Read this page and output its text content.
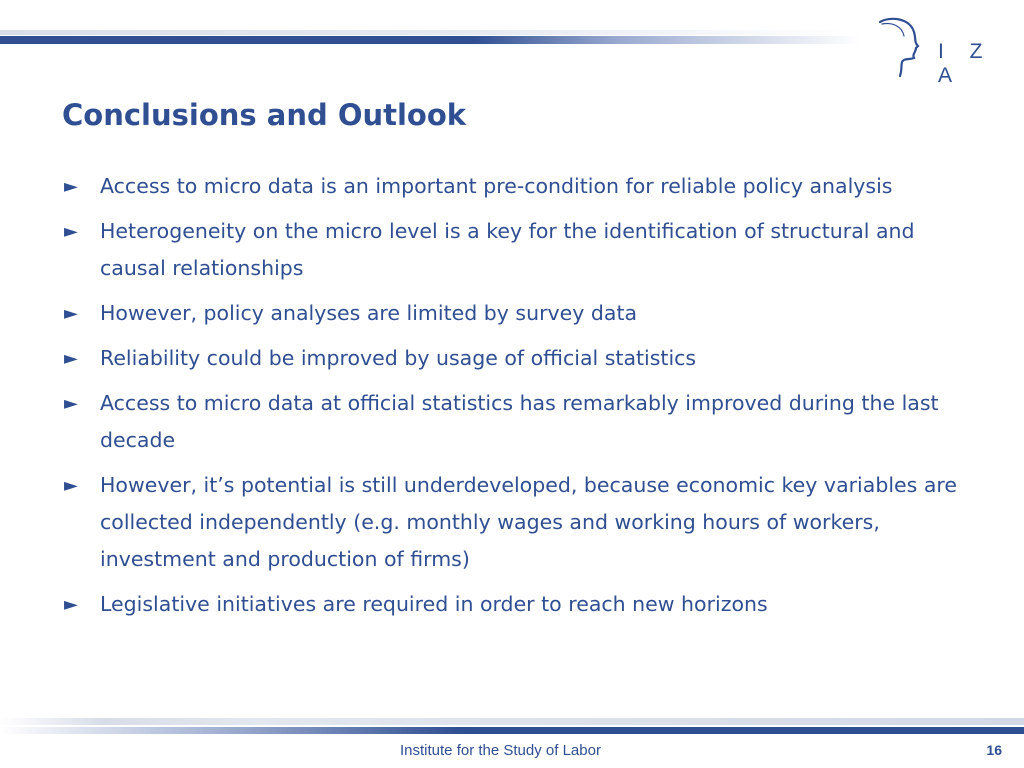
I Z A
Conclusions and Outlook
► Access to micro data is an important pre-condition for reliable policy analysis
► Heterogeneity on the micro level is a key for the identification of structural and causal relationships
► However, policy analyses are limited by survey data
► Reliability could be improved by usage of official statistics
► Access to micro data at official statistics has remarkably improved during the last decade
► However, it’s potential is still underdeveloped, because economic key variables are collected independently (e.g. monthly wages and working hours of workers, investment and production of firms)
► Legislative initiatives are required in order to reach new horizons
Institute for the Study of Labor	16
